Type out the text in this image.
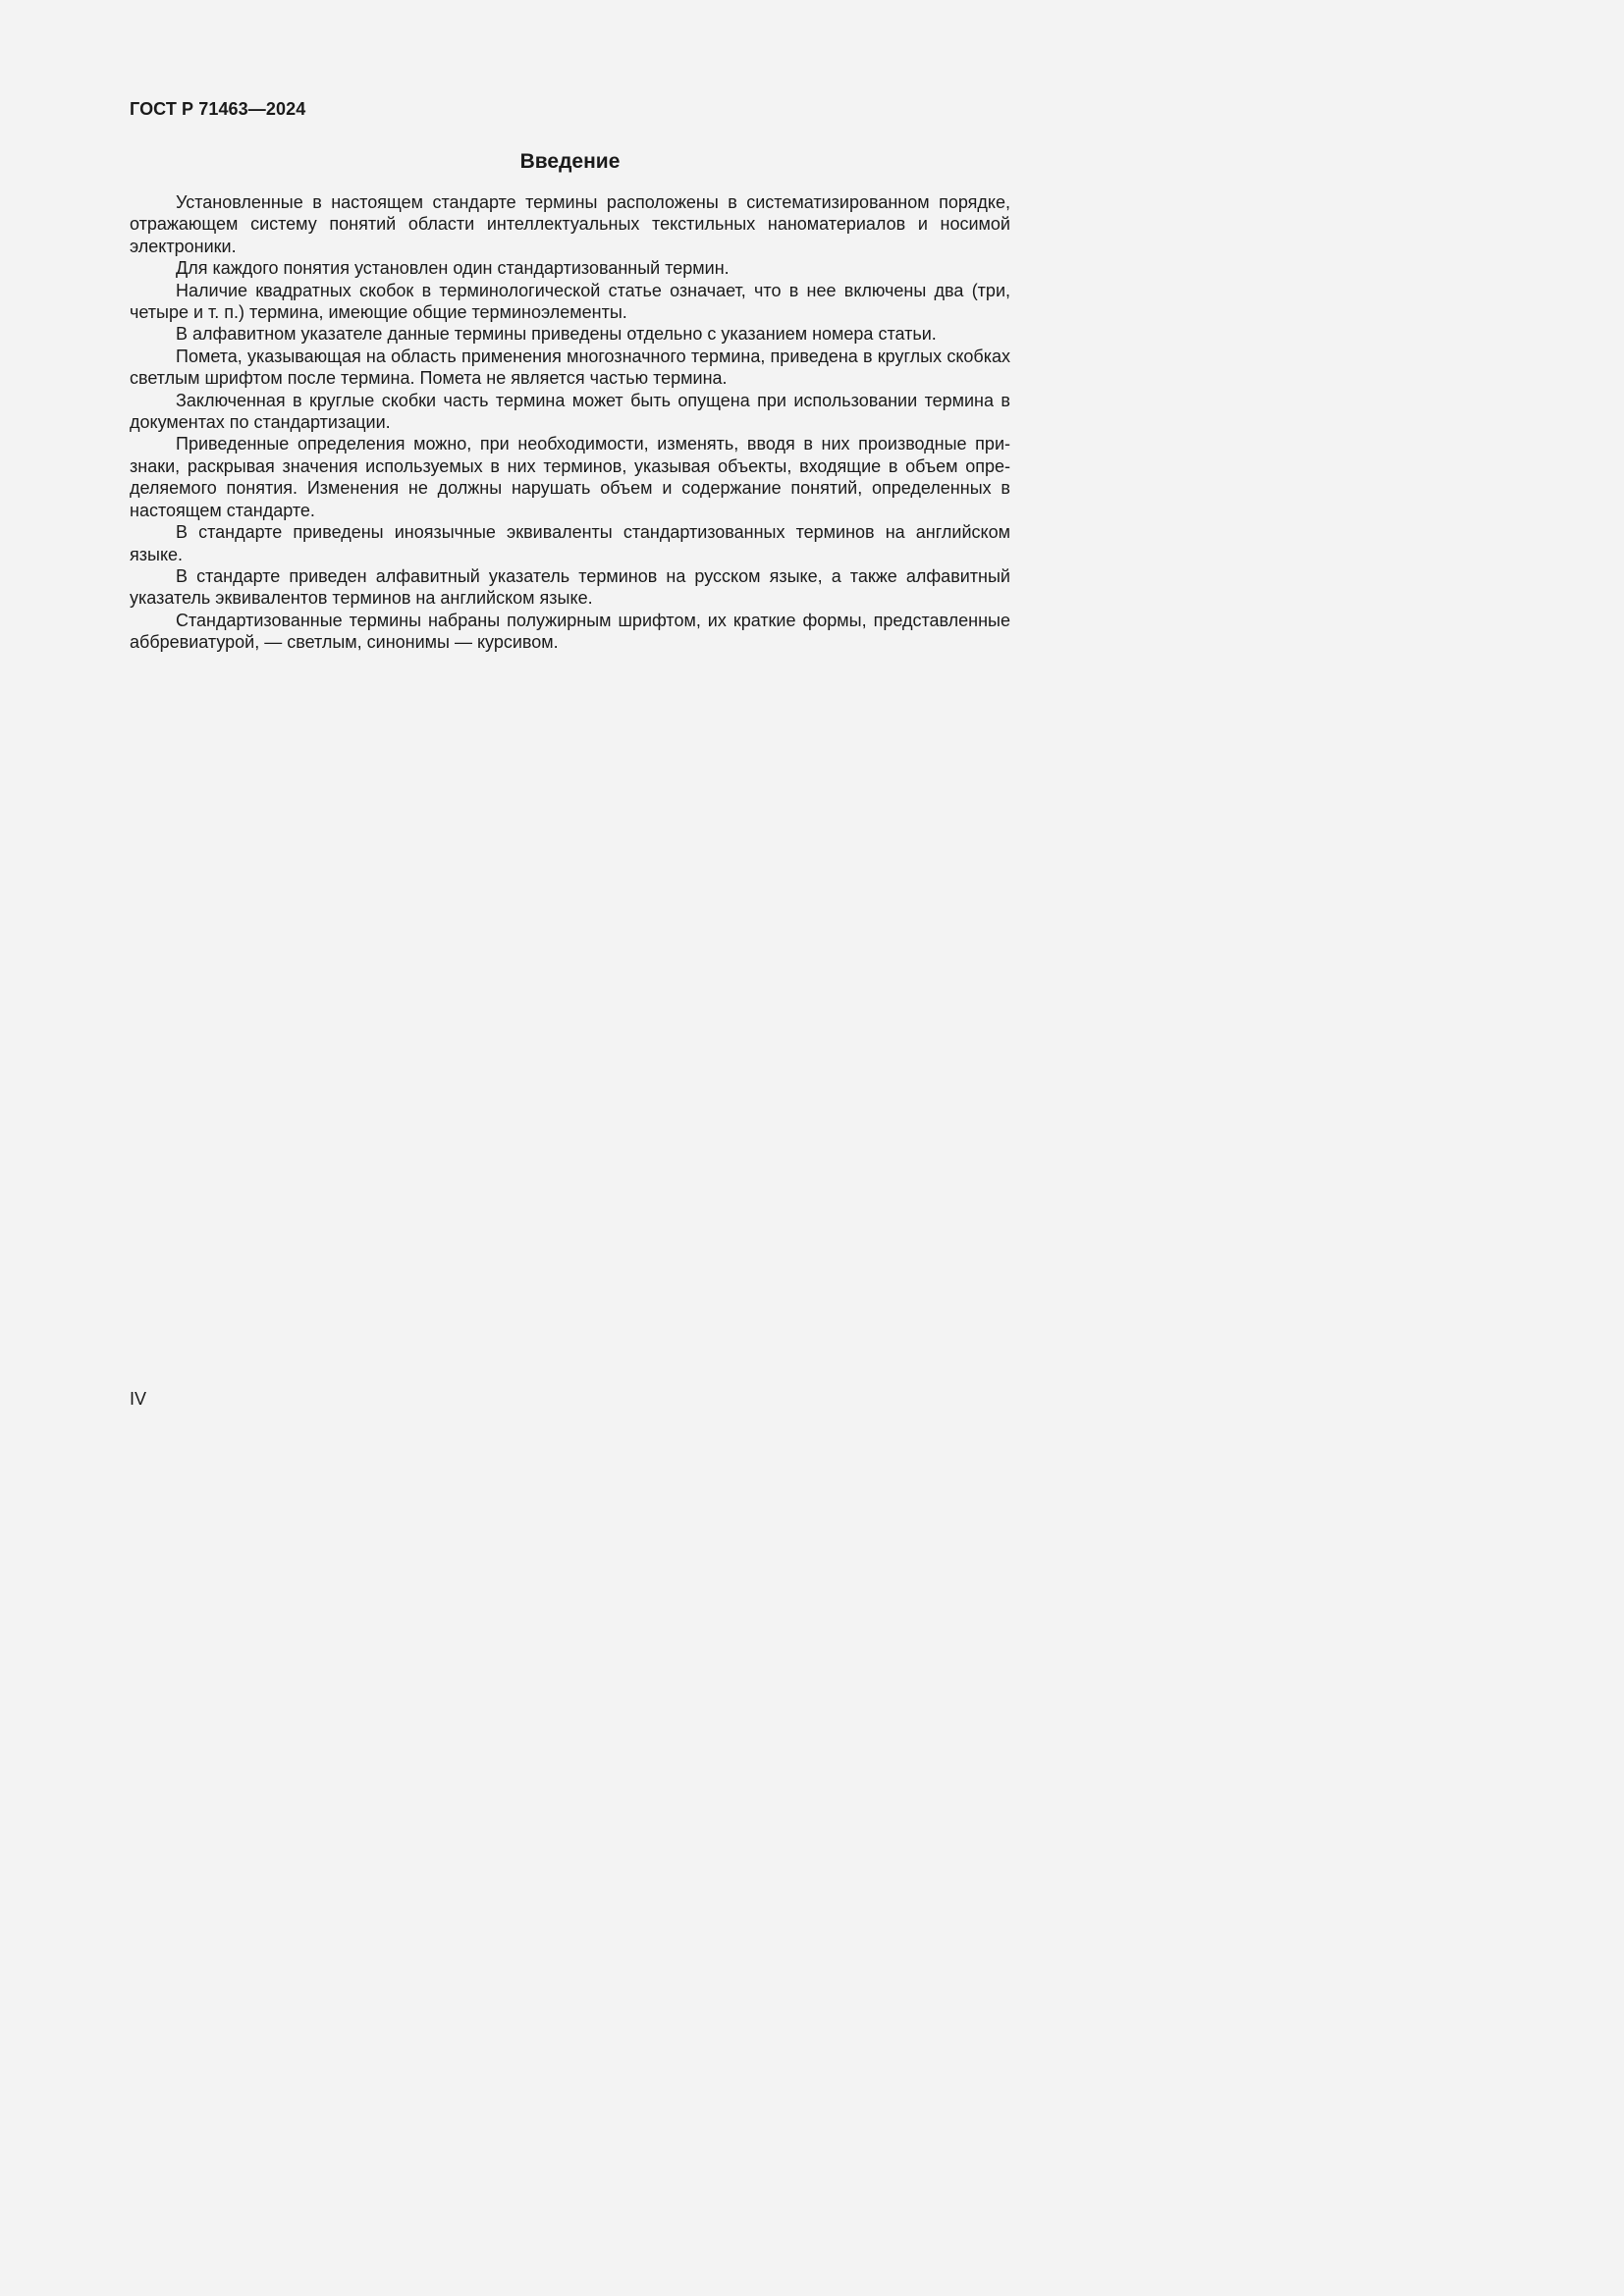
ГОСТ Р 71463—2024
Введение

Установленные в настоящем стандарте термины расположены в систематизированном порядке, отражающем систему понятий области интеллектуальных текстильных наноматериалов и носимой электроники.

Для каждого понятия установлен один стандартизованный термин.

Наличие квадратных скобок в терминологической статье означает, что в нее включены два (три, четыре и т. п.) термина, имеющие общие терминоэлементы.

В алфавитном указателе данные термины приведены отдельно с указанием номера статьи.

Помета, указывающая на область применения многозначного термина, приведена в круглых скобках светлым шрифтом после термина. Помета не является частью термина.

Заключенная в круглые скобки часть термина может быть опущена при использовании термина в документах по стандартизации.

Приведенные определения можно, при необходимости, изменять, вводя в них производные признаки, раскрывая значения используемых в них терминов, указывая объекты, входящие в объем определяемого понятия. Изменения не должны нарушать объем и содержание понятий, определенных в настоящем стандарте.

В стандарте приведены иноязычные эквиваленты стандартизованных терминов на английском языке.

В стандарте приведен алфавитный указатель терминов на русском языке, а также алфавитный указатель эквивалентов терминов на английском языке.

Стандартизованные термины набраны полужирным шрифтом, их краткие формы, представленные аббревиатурой, — светлым, синонимы — курсивом.

IV
